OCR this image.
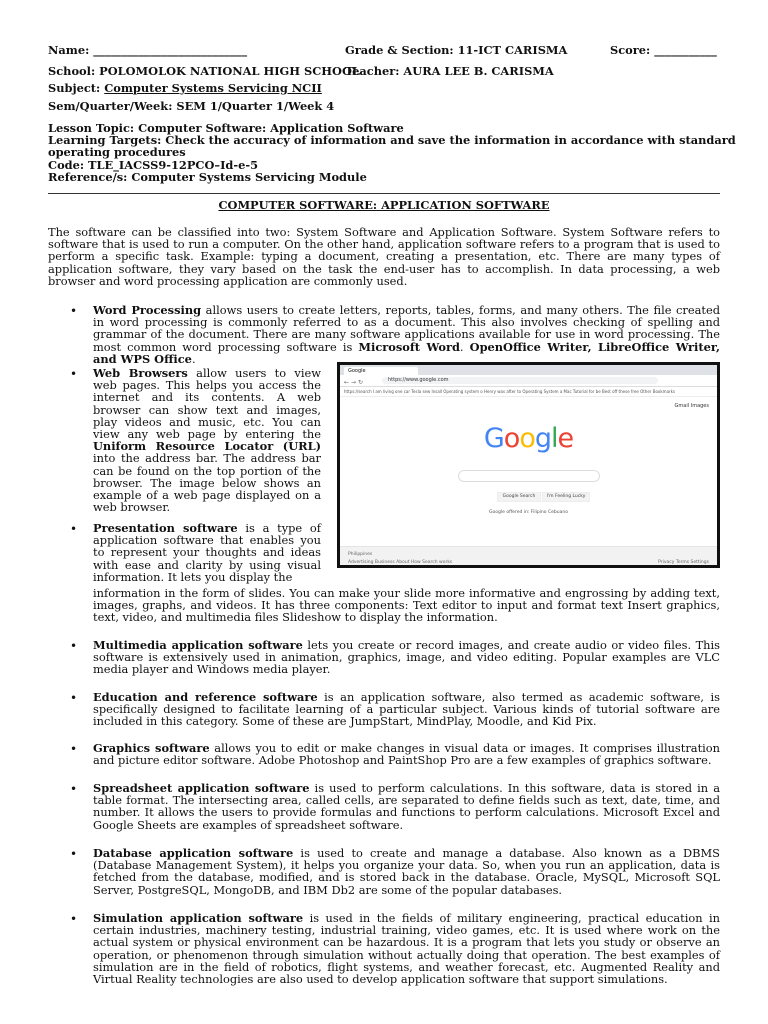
Name: ___________________________	Grade & Section: 11-ICT CARISMA	Score: ___________
School: POLOMOLOK NATIONAL HIGH SCHOOL
Teacher: AURA LEE B. CARISMA
Subject: Computer Systems Servicing NCII
Sem/Quarter/Week: SEM 1/Quarter 1/Week 4
Lesson Topic: Computer Software: Application Software
Learning Targets: Check the accuracy of information and save the information in accordance with standard
operating procedures
Code: TLE_IACSS9-12PCO–Id-e-5
Reference/s: Computer Systems Servicing Module
COMPUTER SOFTWARE: APPLICATION SOFTWARE

The software can be classified into two: System Software and Application Software. System Software refers to software that is used to run a computer. On the other hand, application software refers to a program that is used to perform a specific task. Example: typing a document, creating a presentation, etc. There are many types of application software, they vary based on the task the end-user has to accomplish. In data processing, a web browser and word processing application are commonly used.

• Word Processing allows users to create letters, reports, tables, forms, and many others. The file created in word processing is commonly referred to as a document. This also involves checking of spelling and grammar of the document. There are many software applications available for use in word processing. The most common word processing software is Microsoft Word. OpenOffice Writer, LibreOffice Writer, and WPS Office.

• Web Browsers allow users to view web pages. This helps you access the internet and its contents. A web browser can show text and images, play videos and music, etc. You can view any web page by entering the Uniform Resource Locator (URL) into the address bar. The address bar can be found on the top portion of the browser. The image below shows an example of a web page displayed on a web browser.

Google
←→↻	https://www.google.com
https://search I am living one car Tesla sew Insall Operating system o Henry was after to Operating System a Mac Tutorial for be Best off these free Other Bookmarks
Gmail Images
Google
Google Search	I'm Feeling Lucky
Google offered in: Filipino Cebuano
Philippines
Advertising Business About How Search works	Privacy Terms Settings
• Presentation software is a type of application software that enables you to represent your thoughts and ideas with ease and clarity by using visual information. It lets you display the

information in the form of slides. You can make your slide more informative and engrossing by adding text, images, graphs, and videos. It has three components: Text editor to input and format text Insert graphics, text, video, and multimedia files Slideshow to display the information.

• Multimedia application software lets you create or record images, and create audio or video files. This software is extensively used in animation, graphics, image, and video editing. Popular examples are VLC media player and Windows media player.

• Education and reference software is an application software, also termed as academic software, is specifically designed to facilitate learning of a particular subject. Various kinds of tutorial software are included in this category. Some of these are JumpStart, MindPlay, Moodle, and Kid Pix.

• Graphics software allows you to edit or make changes in visual data or images. It comprises illustration and picture editor software. Adobe Photoshop and PaintShop Pro are a few examples of graphics software.

• Spreadsheet application software is used to perform calculations. In this software, data is stored in a table format. The intersecting area, called cells, are separated to define fields such as text, date, time, and number. It allows the users to provide formulas and functions to perform calculations. Microsoft Excel and Google Sheets are examples of spreadsheet software.

• Database application software is used to create and manage a database. Also known as a DBMS (Database Management System), it helps you organize your data. So, when you run an application, data is fetched from the database, modified, and is stored back in the database. Oracle, MySQL, Microsoft SQL Server, PostgreSQL, MongoDB, and IBM Db2 are some of the popular databases.

• Simulation application software is used in the fields of military engineering, practical education in certain industries, machinery testing, industrial training, video games, etc. It is used where work on the actual system or physical environment can be hazardous. It is a program that lets you study or observe an operation, or phenomenon through simulation without actually doing that operation. The best examples of simulation are in the field of robotics, flight systems, and weather forecast, etc. Augmented Reality and Virtual Reality technologies are also used to develop application software that support simulations.
